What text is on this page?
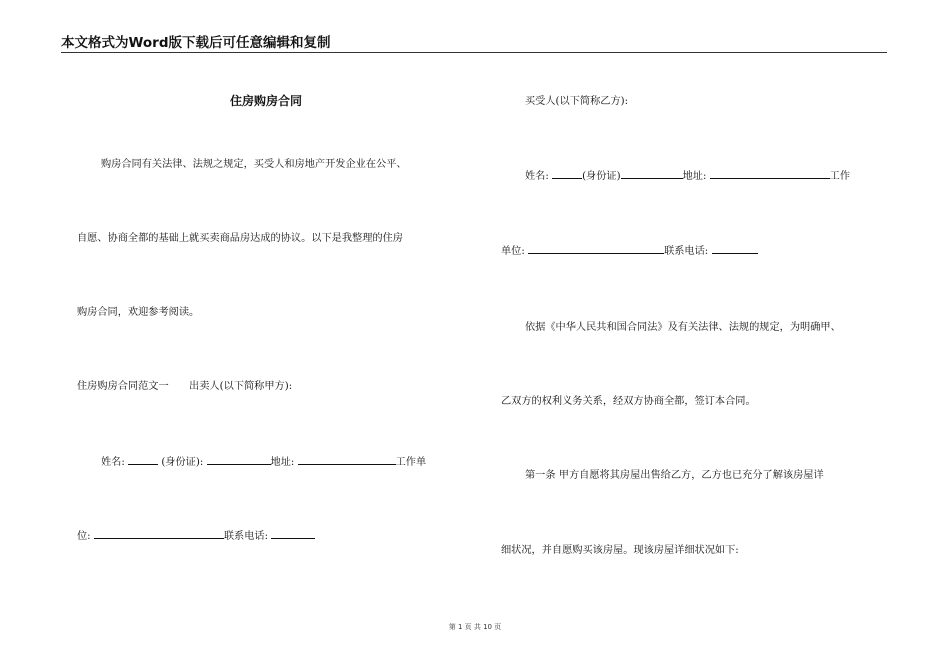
本文格式为Word版下载后可任意编辑和复制
住房购房合同
购房合同有关法律、法规之规定，买受人和房地产开发企业在公平、
自愿、协商全都的基础上就买卖商品房达成的协议。以下是我整理的住房
购房合同，欢迎参考阅读。
住房购房合同范文一　　出卖人(以下简称甲方):
姓名:	(身份证):	地址:	工作单
位:	联系电话:
买受人(以下简称乙方):
姓名:	(身份证)	地址:	工作
单位:	联系电话:
依据《中华人民共和国合同法》及有关法律、法规的规定，为明确甲、
乙双方的权利义务关系，经双方协商全都，签订本合同。
第一条 甲方自愿将其房屋出售给乙方，乙方也已充分了解该房屋详
细状况，并自愿购买该房屋。现该房屋详细状况如下:
第 1 页 共 10 页
